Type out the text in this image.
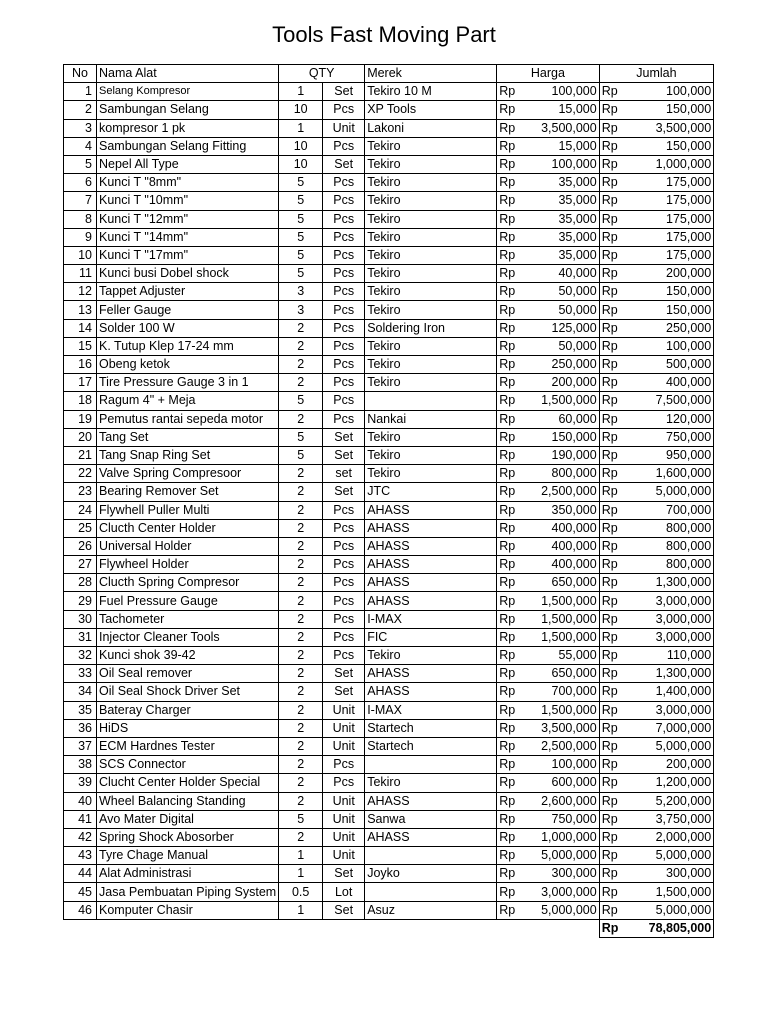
Tools Fast Moving Part
No	Nama Alat	QTY		Merek	Harga		Jumlah	
1	Selang Kompresor	1	Set	Tekiro 10 M	Rp	100,000	Rp	100,000
2	Sambungan Selang	10	Pcs	XP Tools	Rp	15,000	Rp	150,000
3	kompresor 1 pk	1	Unit	Lakoni	Rp	3,500,000	Rp	3,500,000
4	Sambungan Selang Fitting	10	Pcs	Tekiro	Rp	15,000	Rp	150,000
5	Nepel All Type	10	Set	Tekiro	Rp	100,000	Rp	1,000,000
6	Kunci T "8mm"	5	Pcs	Tekiro	Rp	35,000	Rp	175,000
7	Kunci T "10mm"	5	Pcs	Tekiro	Rp	35,000	Rp	175,000
8	Kunci T "12mm"	5	Pcs	Tekiro	Rp	35,000	Rp	175,000
9	Kunci T "14mm"	5	Pcs	Tekiro	Rp	35,000	Rp	175,000
10	Kunci T "17mm"	5	Pcs	Tekiro	Rp	35,000	Rp	175,000
11	Kunci busi Dobel shock	5	Pcs	Tekiro	Rp	40,000	Rp	200,000
12	Tappet Adjuster	3	Pcs	Tekiro	Rp	50,000	Rp	150,000
13	Feller Gauge	3	Pcs	Tekiro	Rp	50,000	Rp	150,000
14	Solder 100 W	2	Pcs	Soldering Iron	Rp	125,000	Rp	250,000
15	K. Tutup Klep 17-24 mm	2	Pcs	Tekiro	Rp	50,000	Rp	100,000
16	Obeng ketok	2	Pcs	Tekiro	Rp	250,000	Rp	500,000
17	Tire Pressure Gauge 3 in 1	2	Pcs	Tekiro	Rp	200,000	Rp	400,000
18	Ragum 4" + Meja	5	Pcs		Rp	1,500,000	Rp	7,500,000
19	Pemutus rantai sepeda motor	2	Pcs	Nankai	Rp	60,000	Rp	120,000
20	Tang Set	5	Set	Tekiro	Rp	150,000	Rp	750,000
21	Tang Snap Ring Set	5	Set	Tekiro	Rp	190,000	Rp	950,000
22	Valve Spring Compresoor	2	set	Tekiro	Rp	800,000	Rp	1,600,000
23	Bearing Remover Set	2	Set	JTC	Rp	2,500,000	Rp	5,000,000
24	Flywhell Puller Multi	2	Pcs	AHASS	Rp	350,000	Rp	700,000
25	Clucth Center Holder	2	Pcs	AHASS	Rp	400,000	Rp	800,000
26	Universal Holder	2	Pcs	AHASS	Rp	400,000	Rp	800,000
27	Flywheel Holder	2	Pcs	AHASS	Rp	400,000	Rp	800,000
28	Clucth Spring Compresor	2	Pcs	AHASS	Rp	650,000	Rp	1,300,000
29	Fuel Pressure Gauge	2	Pcs	AHASS	Rp	1,500,000	Rp	3,000,000
30	Tachometer	2	Pcs	I-MAX	Rp	1,500,000	Rp	3,000,000
31	Injector Cleaner Tools	2	Pcs	FIC	Rp	1,500,000	Rp	3,000,000
32	Kunci shok 39-42	2	Pcs	Tekiro	Rp	55,000	Rp	110,000
33	Oil Seal remover	2	Set	AHASS	Rp	650,000	Rp	1,300,000
34	Oil Seal Shock Driver Set	2	Set	AHASS	Rp	700,000	Rp	1,400,000
35	Bateray Charger	2	Unit	I-MAX	Rp	1,500,000	Rp	3,000,000
36	HiDS	2	Unit	Startech	Rp	3,500,000	Rp	7,000,000
37	ECM Hardnes Tester	2	Unit	Startech	Rp	2,500,000	Rp	5,000,000
38	SCS Connector	2	Pcs		Rp	100,000	Rp	200,000
39	Clucht Center Holder Special	2	Pcs	Tekiro	Rp	600,000	Rp	1,200,000
40	Wheel Balancing Standing	2	Unit	AHASS	Rp	2,600,000	Rp	5,200,000
41	Avo Mater Digital	5	Unit	Sanwa	Rp	750,000	Rp	3,750,000
42	Spring Shock Abosorber	2	Unit	AHASS	Rp	1,000,000	Rp	2,000,000
43	Tyre Chage Manual	1	Unit		Rp	5,000,000	Rp	5,000,000
44	Alat Administrasi	1	Set	Joyko	Rp	300,000	Rp	300,000
45	Jasa Pembuatan Piping System	0.5	Lot		Rp	3,000,000	Rp	1,500,000
46	Komputer Chasir	1	Set	Asuz	Rp	5,000,000	Rp	5,000,000
							Rp	78,805,000
